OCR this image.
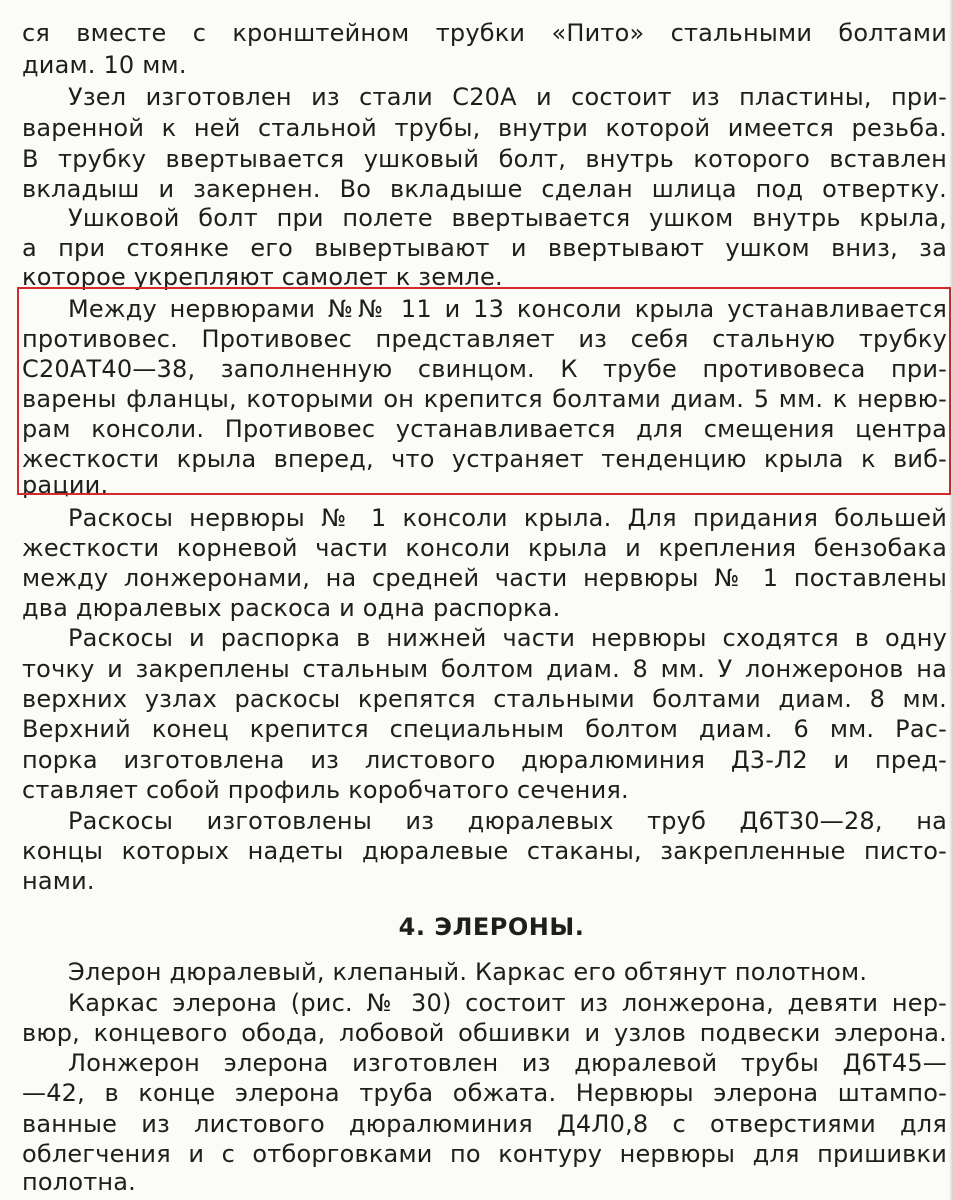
ся вместе с кронштейном трубки «Пито» стальными болтами
диам. 10 мм.
Узел изготовлен из стали С20А и состоит из пластины, при-
варенной к ней стальной трубы, внутри которой имеется резьба.
В трубку ввертывается ушковый болт, внутрь которого вставлен
вкладыш и закернен. Во вкладыше сделан шлица под отвертку.
Ушковой болт при полете ввертывается ушком внутрь крыла,
а при стоянке его вывертывают и ввертывают ушком вниз, за
которое укрепляют самолет к земле.
Между нервюрами №№ 11 и 13 консоли крыла устанавливается
противовес. Противовес представляет из себя стальную трубку
С20АТ40—38, заполненную свинцом. К трубе противовеса при-
варены фланцы, которыми он крепится болтами диам. 5 мм. к нервю-
рам консоли. Противовес устанавливается для смещения центра
жесткости крыла вперед, что устраняет тенденцию крыла к виб-
рации.
Раскосы нервюры № 1 консоли крыла. Для придания большей
жесткости корневой части консоли крыла и крепления бензобака
между лонжеронами, на средней части нервюры № 1 поставлены
два дюралевых раскоса и одна распорка.
Раскосы и распорка в нижней части нервюры сходятся в одну
точку и закреплены стальным болтом диам. 8 мм. У лонжеронов на
верхних узлах раскосы крепятся стальными болтами диам. 8 мм.
Верхний конец крепится специальным болтом диам. 6 мм. Рас-
порка изготовлена из листового дюралюминия Д3-Л2 и пред-
ставляет собой профиль коробчатого сечения.
Раскосы изготовлены из дюралевых труб Д6Т30—28, на
концы которых надеты дюралевые стаканы, закрепленные писто-
нами.
4. ЭЛЕРОНЫ.
Элерон дюралевый, клепаный. Каркас его обтянут полотном.
Каркас элерона (рис. № 30) состоит из лонжерона, девяти нер-
вюр, концевого обода, лобовой обшивки и узлов подвески элерона.
Лонжерон элерона изготовлен из дюралевой трубы Д6Т45—
—42, в конце элерона труба обжата. Нервюры элерона штампо-
ванные из листового дюралюминия Д4Л0,8 с отверстиями для
облегчения и с отборговками по контуру нервюры для пришивки
полотна.
